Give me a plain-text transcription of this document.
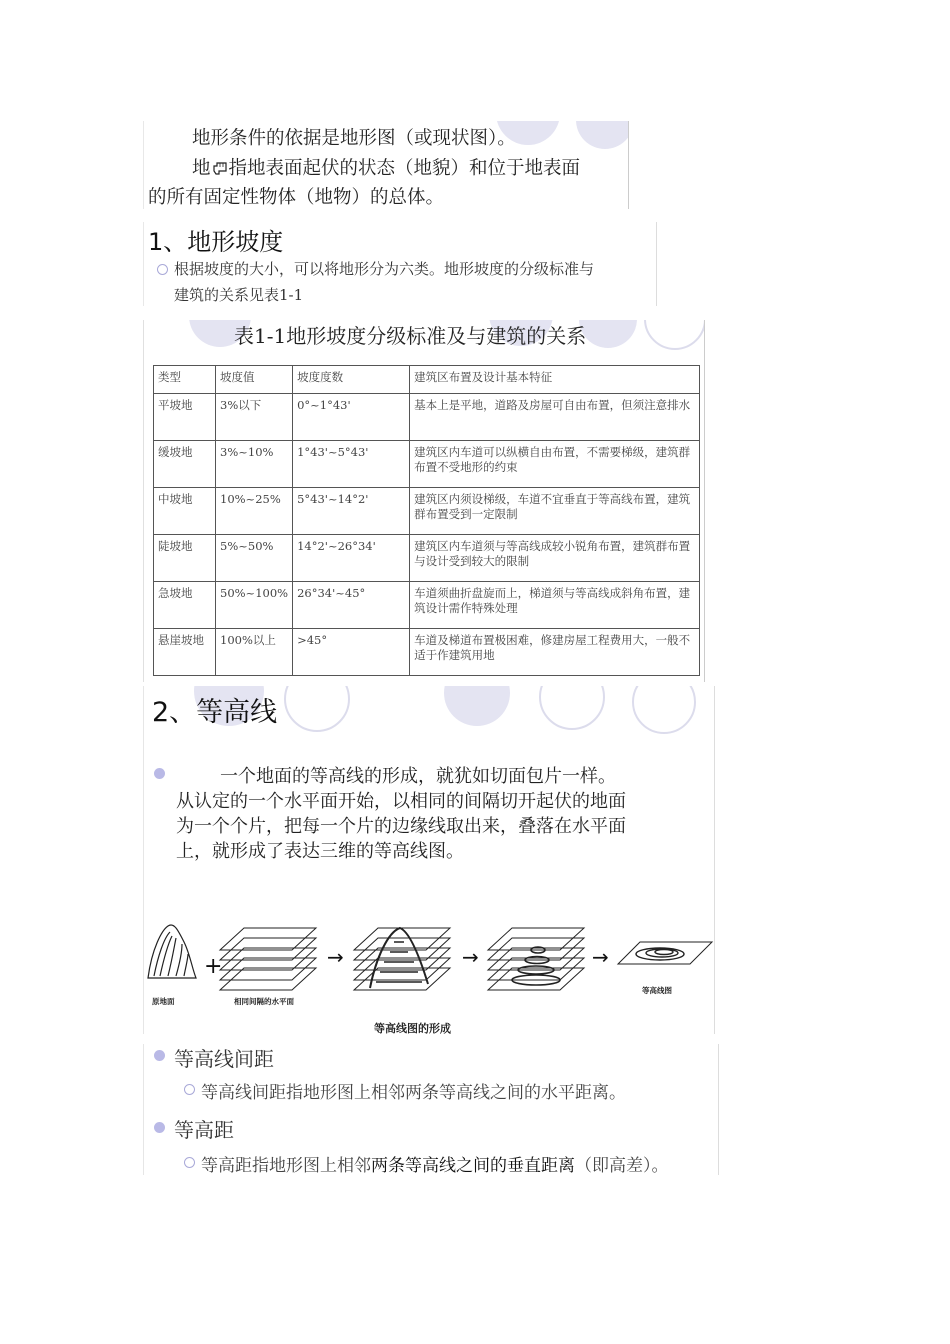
地形条件的依据是地形图（或现状图）。
地 指地表面起伏的状态（地貌）和位于地表面
的所有固定性物体（地物）的总体。
1、地形坡度
根据坡度的大小，可以将地形分为六类。地形坡度的分级标准与
建筑的关系见表1-1
表1-1地形坡度分级标准及与建筑的关系
类型	坡度值	坡度度数	建筑区布置及设计基本特征
平坡地	3%以下	0°~1°43'	基本上是平地，道路及房屋可自由布置，但须注意排水
缓坡地	3%~10%	1°43'~5°43'	建筑区内车道可以纵横自由布置，不需要梯级，建筑群布置不受地形的约束
中坡地	10%~25%	5°43'~14°2'	建筑区内须设梯级，车道不宜垂直于等高线布置，建筑群布置受到一定限制
陡坡地	5%~50%	14°2'~26°34'	建筑区内车道须与等高线成较小锐角布置，建筑群布置与设计受到较大的限制
急坡地	50%~100%	26°34'~45°	车道须曲折盘旋而上，梯道须与等高线成斜角布置，建筑设计需作特殊处理
悬崖坡地	100%以上	>45°	车道及梯道布置极困难，修建房屋工程费用大，一般不适于作建筑用地
2、等高线
一个地面的等高线的形成，就犹如切面包片一样。
从认定的一个水平面开始，以相同的间隔切开起伏的地面
为一个个片，把每一个片的边缘线取出来，叠落在水平面
上，就形成了表达三维的等高线图。
+	→	→	→
原地面	相同间隔的水平面
等高线图
等高线图的形成
等高线间距
等高线间距指地形图上相邻两条等高线之间的水平距离。
等高距
等高距指地形图上相邻两条等高线之间的垂直距离（即高差）。
